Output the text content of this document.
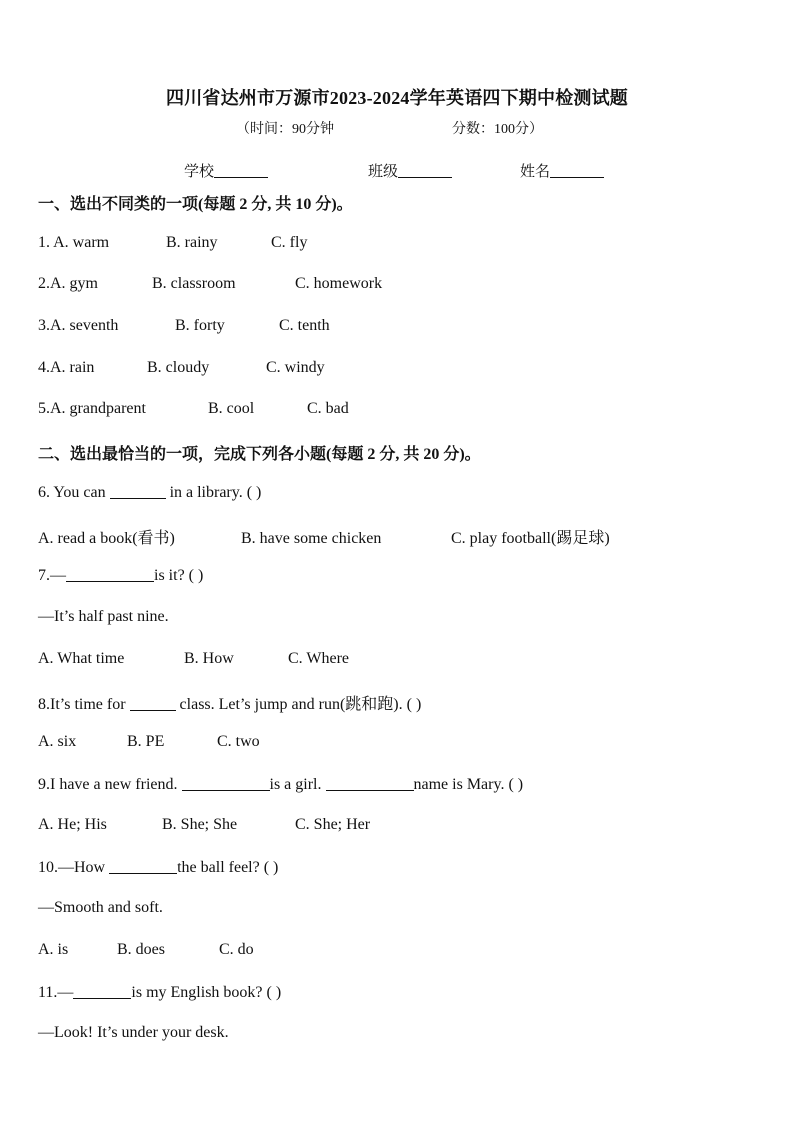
四川省达州市万源市2023-2024学年英语四下期中检测试题
（时间：90分钟	分数：100分）
学校	班级	姓名
一、选出不同类的一项(每题 2 分, 共 10 分)。
1. A. warm	B. rainy	C. fly
2.A. gym	B. classroom	C. homework
3.A. seventh	B. forty	C. tenth
4.A. rain	B. cloudy	C. windy
5.A. grandparent	B. cool	C. bad
二、选出最恰当的一项，完成下列各小题(每题 2 分, 共 20 分)。
6. You can	in a library. ( )
A. read a book(看书)	B. have some chicken	C. play football(踢足球)
7.—	is it? ( )
—It’s half past nine.
A. What time	B. How	C. Where
8.It’s time for	class. Let’s jump and run(跳和跑). ( )
A. six	B. PE	C. two
9.I have a new friend.	is a girl.	name is Mary. ( )
A. He; His	B. She; She	C. She; Her
10.—How	the ball feel? ( )
—Smooth and soft.
A. is	B. does	C. do
11.—	is my English book? ( )
—Look! It’s under your desk.
